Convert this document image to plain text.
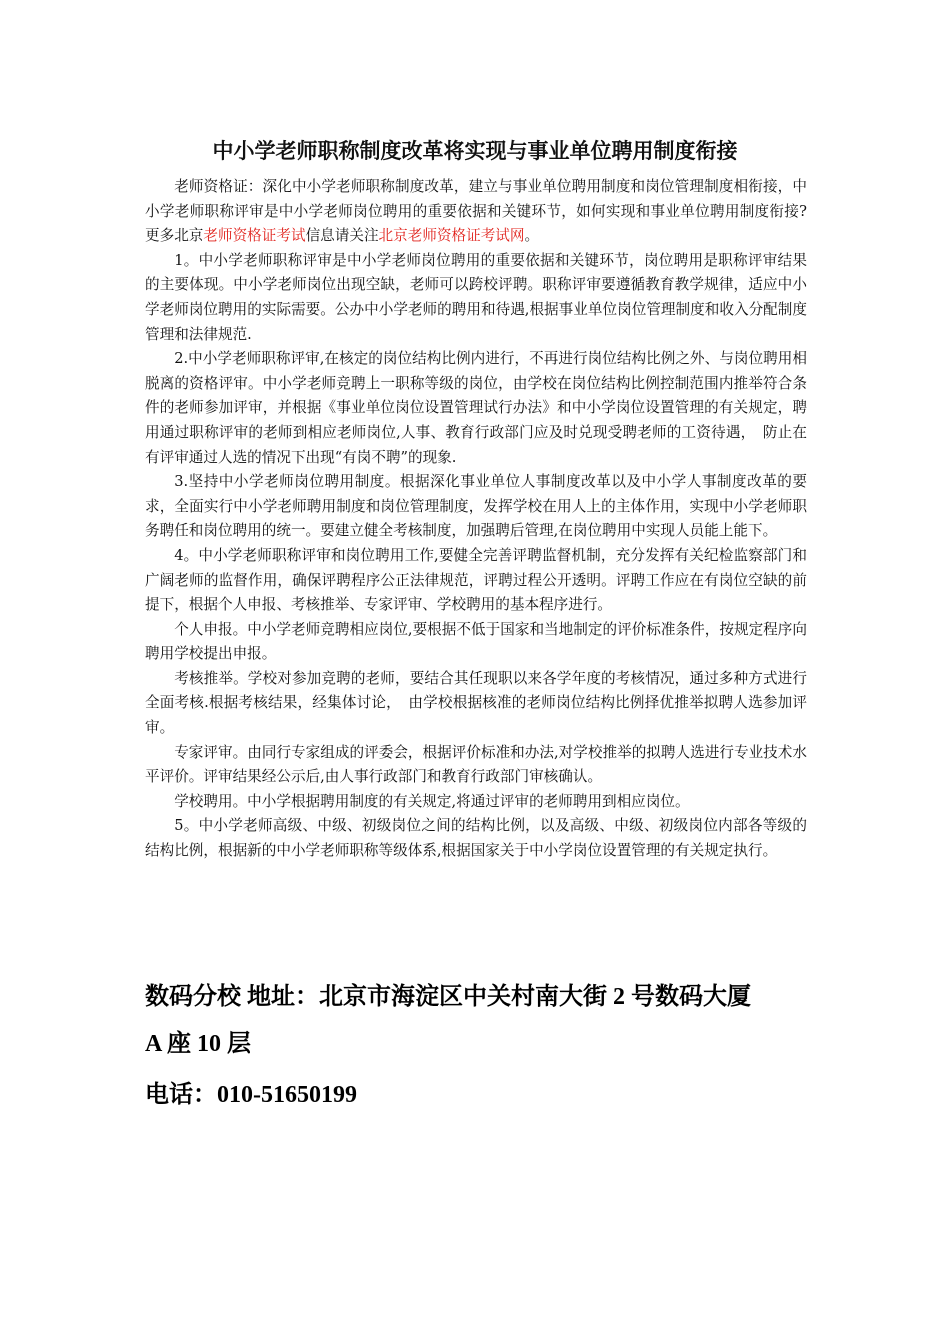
中小学老师职称制度改革将实现与事业单位聘用制度衔接

老师资格证：深化中小学老师职称制度改革，建立与事业单位聘用制度和岗位管理制度相衔接，中小学老师职称评审是中小学老师岗位聘用的重要依据和关键环节，如何实现和事业单位聘用制度衔接?更多北京老师资格证考试信息请关注北京老师资格证考试网。

1。中小学老师职称评审是中小学老师岗位聘用的重要依据和关键环节，岗位聘用是职称评审结果的主要体现。中小学老师岗位出现空缺，老师可以跨校评聘。职称评审要遵循教育教学规律，适应中小学老师岗位聘用的实际需要。公办中小学老师的聘用和待遇,根据事业单位岗位管理制度和收入分配制度管理和法律规范.

2.中小学老师职称评审,在核定的岗位结构比例内进行，不再进行岗位结构比例之外、与岗位聘用相脱离的资格评审。中小学老师竞聘上一职称等级的岗位，由学校在岗位结构比例控制范围内推举符合条件的老师参加评审，并根据《事业单位岗位设置管理试行办法》和中小学岗位设置管理的有关规定，聘用通过职称评审的老师到相应老师岗位,人事、教育行政部门应及时兑现受聘老师的工资待遇，　防止在有评审通过人选的情况下出现“有岗不聘”的现象.

3.坚持中小学老师岗位聘用制度。根据深化事业单位人事制度改革以及中小学人事制度改革的要求，全面实行中小学老师聘用制度和岗位管理制度，发挥学校在用人上的主体作用，实现中小学老师职务聘任和岗位聘用的统一。要建立健全考核制度，加强聘后管理,在岗位聘用中实现人员能上能下。

4。中小学老师职称评审和岗位聘用工作,要健全完善评聘监督机制，充分发挥有关纪检监察部门和广阔老师的监督作用，确保评聘程序公正法律规范，评聘过程公开透明。评聘工作应在有岗位空缺的前提下，根据个人申报、考核推举、专家评审、学校聘用的基本程序进行。

个人申报。中小学老师竞聘相应岗位,要根据不低于国家和当地制定的评价标准条件，按规定程序向聘用学校提出申报。

考核推举。学校对参加竞聘的老师，要结合其任现职以来各学年度的考核情况，通过多种方式进行全面考核.根据考核结果，经集体讨论，　由学校根据核准的老师岗位结构比例择优推举拟聘人选参加评审。

专家评审。由同行专家组成的评委会，根据评价标准和办法,对学校推举的拟聘人选进行专业技术水平评价。评审结果经公示后,由人事行政部门和教育行政部门审核确认。

学校聘用。中小学根据聘用制度的有关规定,将通过评审的老师聘用到相应岗位。

5。中小学老师高级、中级、初级岗位之间的结构比例，以及高级、中级、初级岗位内部各等级的结构比例，根据新的中小学老师职称等级体系,根据国家关于中小学岗位设置管理的有关规定执行。

数码分校 地址：北京市海淀区中关村南大街 2 号数码大厦
A 座 10 层
电话：010-51650199
